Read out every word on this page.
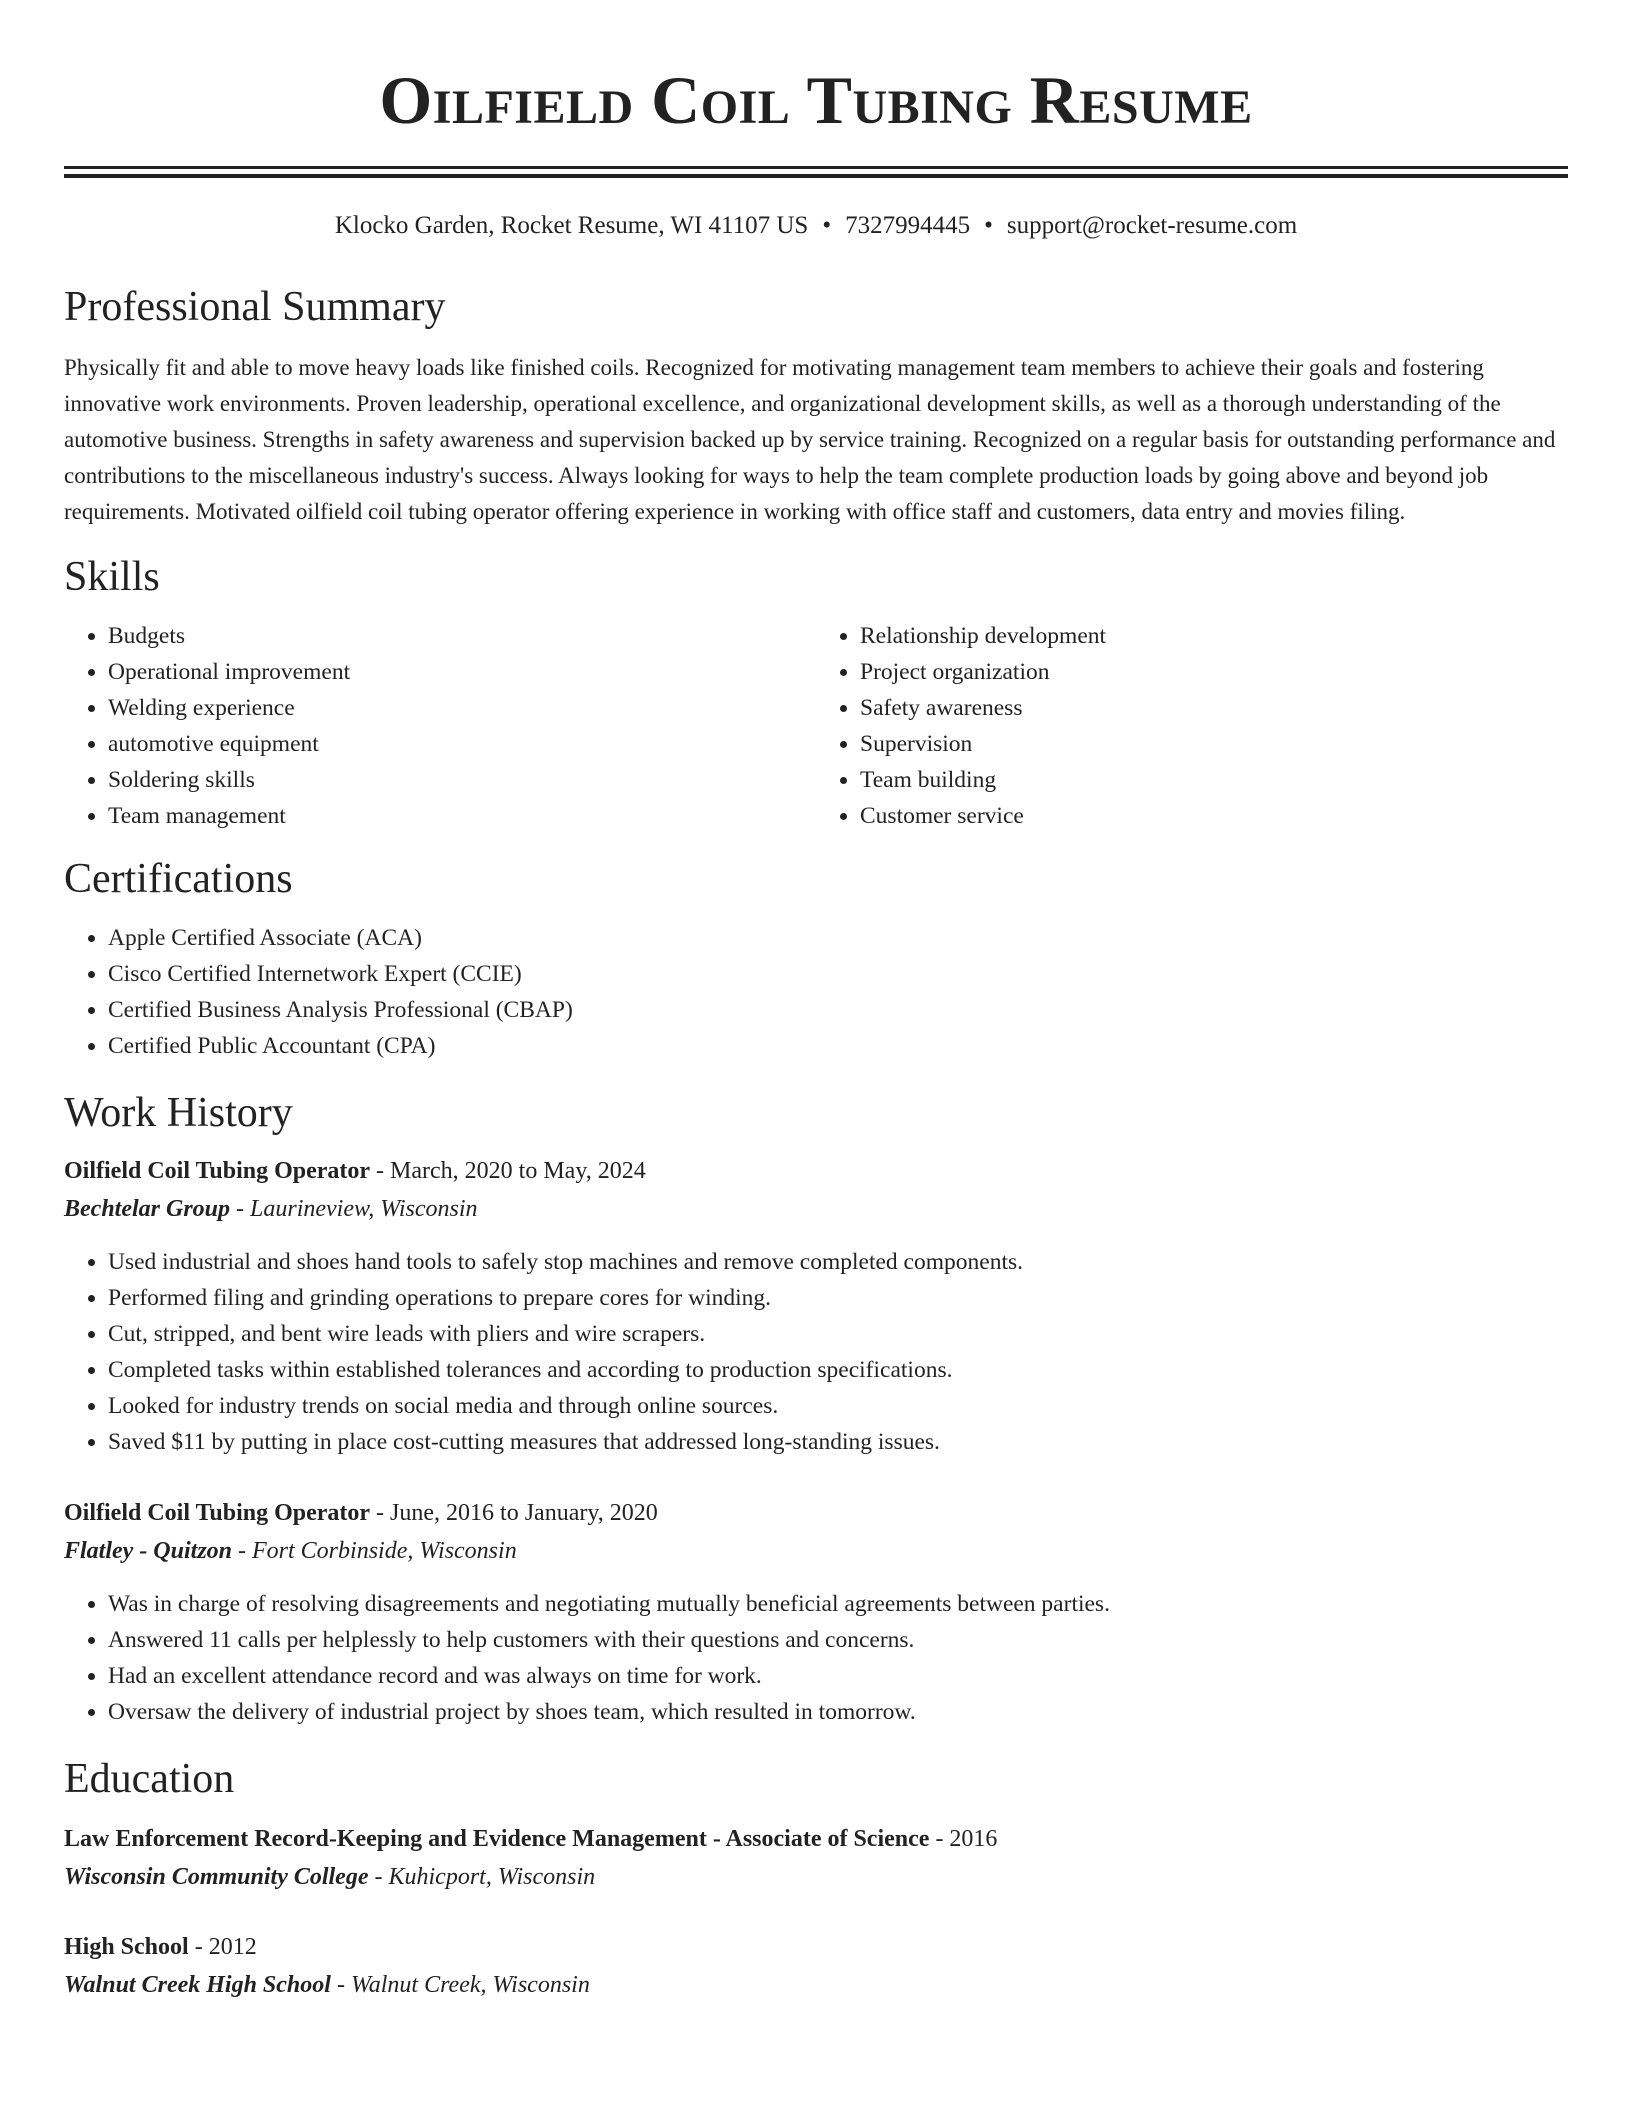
Oilfield Coil Tubing Resume
Klocko Garden, Rocket Resume, WI 41107 US • 7327994445 • support@rocket-resume.com
Professional Summary

Physically fit and able to move heavy loads like finished coils. Recognized for motivating management team members to achieve their goals and fostering innovative work environments. Proven leadership, operational excellence, and organizational development skills, as well as a thorough understanding of the automotive business. Strengths in safety awareness and supervision backed up by service training. Recognized on a regular basis for outstanding performance and contributions to the miscellaneous industry's success. Always looking for ways to help the team complete production loads by going above and beyond job requirements. Motivated oilfield coil tubing operator offering experience in working with office staff and customers, data entry and movies filing.

Skills
• Budgets
• Operational improvement
• Welding experience
• automotive equipment
• Soldering skills
• Team management
• Relationship development
• Project organization
• Safety awareness
• Supervision
• Team building
• Customer service
Certifications
• Apple Certified Associate (ACA)
• Cisco Certified Internetwork Expert (CCIE)
• Certified Business Analysis Professional (CBAP)
• Certified Public Accountant (CPA)
Work History
Oilfield Coil Tubing Operator - March, 2020 to May, 2024
Bechtelar Group - Laurineview, Wisconsin
• Used industrial and shoes hand tools to safely stop machines and remove completed components.
• Performed filing and grinding operations to prepare cores for winding.
• Cut, stripped, and bent wire leads with pliers and wire scrapers.
• Completed tasks within established tolerances and according to production specifications.
• Looked for industry trends on social media and through online sources.
• Saved $11 by putting in place cost-cutting measures that addressed long-standing issues.
Oilfield Coil Tubing Operator - June, 2016 to January, 2020
Flatley - Quitzon - Fort Corbinside, Wisconsin
• Was in charge of resolving disagreements and negotiating mutually beneficial agreements between parties.
• Answered 11 calls per helplessly to help customers with their questions and concerns.
• Had an excellent attendance record and was always on time for work.
• Oversaw the delivery of industrial project by shoes team, which resulted in tomorrow.
Education
Law Enforcement Record-Keeping and Evidence Management - Associate of Science - 2016
Wisconsin Community College - Kuhicport, Wisconsin
High School - 2012
Walnut Creek High School - Walnut Creek, Wisconsin
